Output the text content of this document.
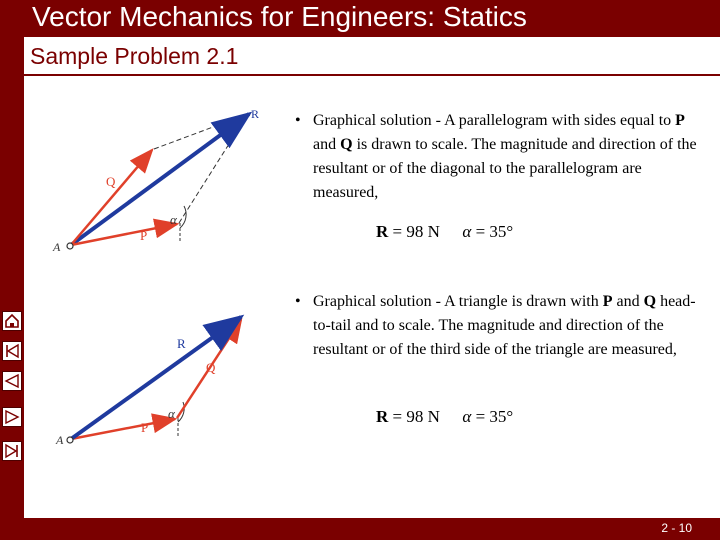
Vector Mechanics for Engineers: Statics
Sample Problem 2.1
R
Q
P
A
α
R
Q
P
A
α
• Graphical solution - A parallelogram with sides equal to P and Q is drawn to scale. The magnitude and direction of the resultant or of the diagonal to the parallelogram are measured,
R = 98 N α = 35°
• Graphical solution - A triangle is drawn with P and Q head-to-tail and to scale. The magnitude and direction of the resultant or of the third side of the triangle are measured,
R = 98 N α = 35°
2 - 10
